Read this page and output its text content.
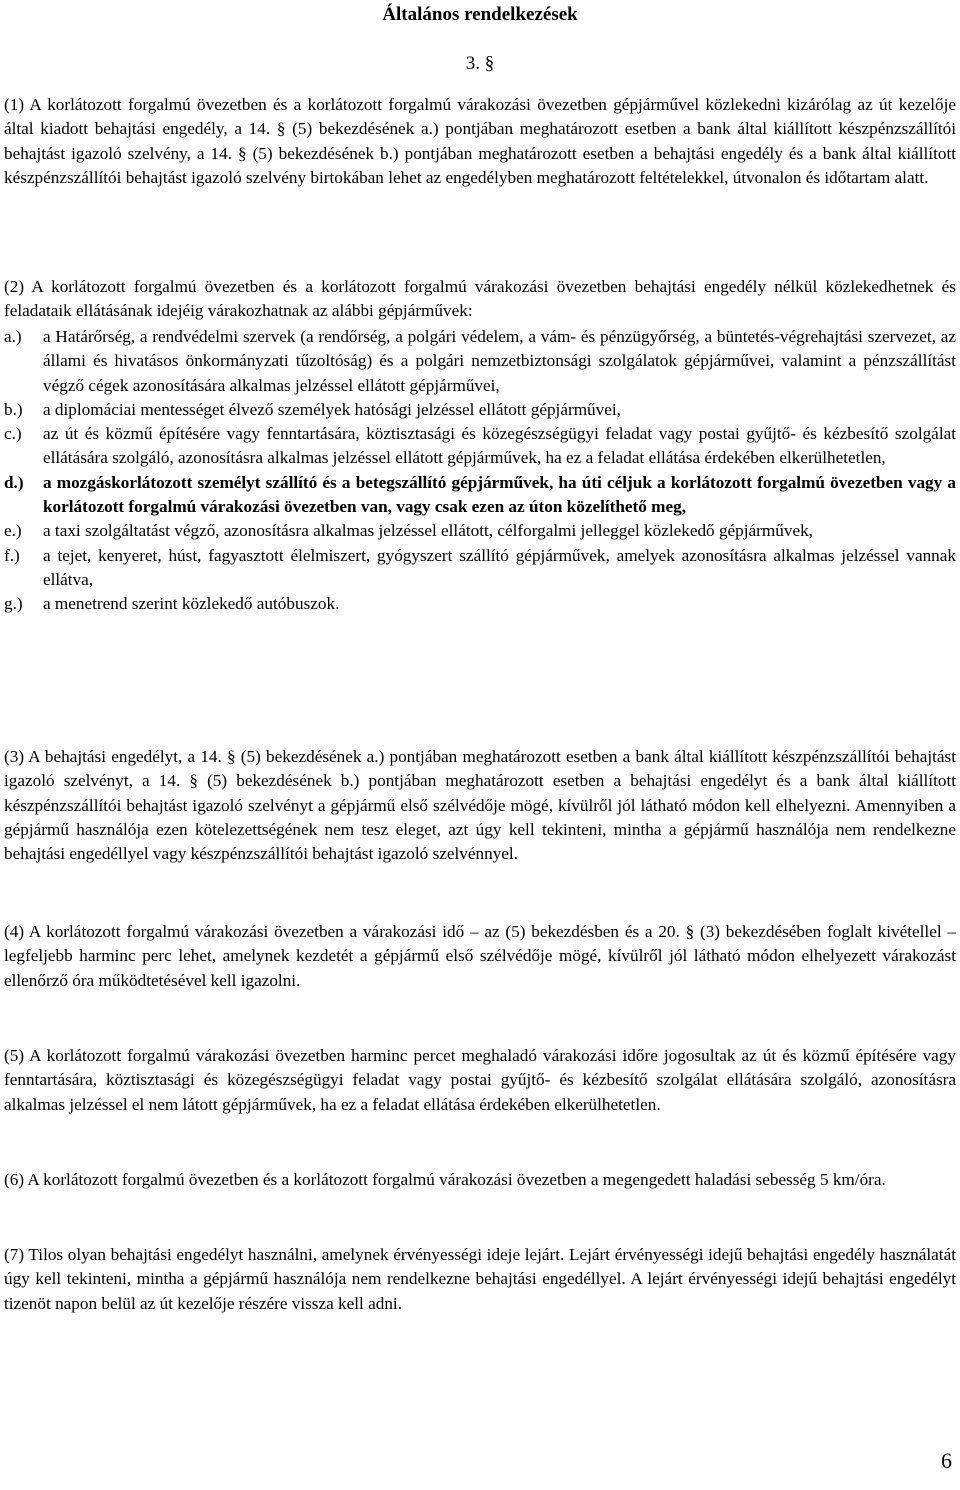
Általános rendelkezések
3. §
(1) A korlátozott forgalmú övezetben és a korlátozott forgalmú várakozási övezetben gépjárművel közlekedni kizárólag az út kezelője által kiadott behajtási engedély, a 14. § (5) bekezdésének a.) pontjában meghatározott esetben a bank által kiállított készpénzszállítói behajtást igazoló szelvény, a 14. § (5) bekezdésének b.) pontjában meghatározott esetben a behajtási engedély és a bank által kiállított készpénzszállítói behajtást igazoló szelvény birtokában lehet az engedélyben meghatározott feltételekkel, útvonalon és időtartam alatt.
(2) A korlátozott forgalmú övezetben és a korlátozott forgalmú várakozási övezetben behajtási engedély nélkül közlekedhetnek és feladataik ellátásának idejéig várakozhatnak az alábbi gépjárművek:
a.)	a Határőrség, a rendvédelmi szervek (a rendőrség, a polgári védelem, a vám- és pénzügyőrség, a büntetés-végrehajtási szervezet, az állami és hivatásos önkormányzati tűzoltóság) és a polgári nemzetbiztonsági szolgálatok gépjárművei, valamint a pénzszállítást végző cégek azonosítására alkalmas jelzéssel ellátott gépjárművei,
b.)	a diplomáciai mentességet élvező személyek hatósági jelzéssel ellátott gépjárművei,
c.)	az út és közmű építésére vagy fenntartására, köztisztasági és közegészségügyi feladat vagy postai gyűjtő- és kézbesítő szolgálat ellátására szolgáló, azonosításra alkalmas jelzéssel ellátott gépjárművek, ha ez a feladat ellátása érdekében elkerülhetetlen,
d.)	a mozgáskorlátozott személyt szállító és a betegszállító gépjárművek, ha úti céljuk a korlátozott forgalmú övezetben vagy a korlátozott forgalmú várakozási övezetben van, vagy csak ezen az úton közelíthető meg,
e.)	a taxi szolgáltatást végző, azonosításra alkalmas jelzéssel ellátott, célforgalmi jelleggel közlekedő gépjárművek,
f.)	a tejet, kenyeret, húst, fagyasztott élelmiszert, gyógyszert szállító gépjárművek, amelyek azonosításra alkalmas jelzéssel vannak ellátva,
g.)	a menetrend szerint közlekedő autóbuszok.
(3) A behajtási engedélyt, a 14. § (5) bekezdésének a.) pontjában meghatározott esetben a bank által kiállított készpénzszállítói behajtást igazoló szelvényt, a 14. § (5) bekezdésének b.) pontjában meghatározott esetben a behajtási engedélyt és a bank által kiállított készpénzszállítói behajtást igazoló szelvényt a gépjármű első szélvédője mögé, kívülről jól látható módon kell elhelyezni. Amennyiben a gépjármű használója ezen kötelezettségének nem tesz eleget, azt úgy kell tekinteni, mintha a gépjármű használója nem rendelkezne behajtási engedéllyel vagy készpénzszállítói behajtást igazoló szelvénnyel.
(4) A korlátozott forgalmú várakozási övezetben a várakozási idő – az (5) bekezdésben és a 20. § (3) bekezdésében foglalt kivétellel – legfeljebb harminc perc lehet, amelynek kezdetét a gépjármű első szélvédője mögé, kívülről jól látható módon elhelyezett várakozást ellenőrző óra működtetésével kell igazolni.
(5) A korlátozott forgalmú várakozási övezetben harminc percet meghaladó várakozási időre jogosultak az út és közmű építésére vagy fenntartására, köztisztasági és közegészségügyi feladat vagy postai gyűjtő- és kézbesítő szolgálat ellátására szolgáló, azonosításra alkalmas jelzéssel el nem látott gépjárművek, ha ez a feladat ellátása érdekében elkerülhetetlen.
(6) A korlátozott forgalmú övezetben és a korlátozott forgalmú várakozási övezetben a megengedett haladási sebesség 5 km/óra.
(7) Tilos olyan behajtási engedélyt használni, amelynek érvényességi ideje lejárt. Lejárt érvényességi idejű behajtási engedély használatát úgy kell tekinteni, mintha a gépjármű használója nem rendelkezne behajtási engedéllyel. A lejárt érvényességi idejű behajtási engedélyt tizenöt napon belül az út kezelője részére vissza kell adni.
6
